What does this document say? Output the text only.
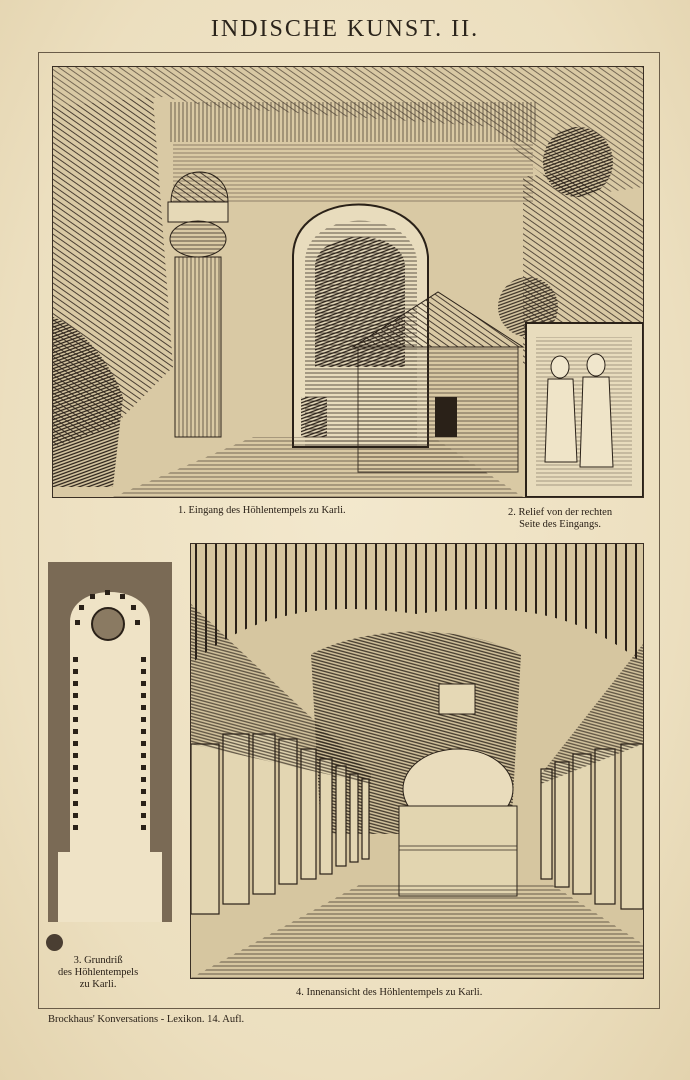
INDISCHE KUNST. II.
1. Eingang des Höhlentempels zu Karli.	2. Relief von der rechten
Seite des Eingangs.
3. Grundriß
des Höhlentempels
zu Karli.
4. Innenansicht des Höhlentempels zu Karli.
Brockhaus' Konversations - Lexikon. 14. Aufl.
